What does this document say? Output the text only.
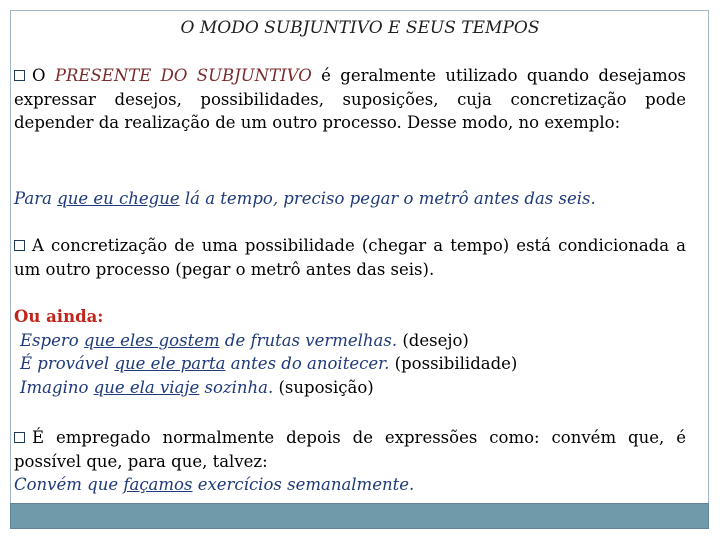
O MODO SUBJUNTIVO E SEUS TEMPOS
O PRESENTE DO SUBJUNTIVO é geralmente utilizado quando desejamos expressar desejos, possibilidades, suposições, cuja concretização pode depender da realização de um outro processo. Desse modo, no exemplo:
Para que eu chegue lá a tempo, preciso pegar o metrô antes das seis.
A concretização de uma possibilidade (chegar a tempo) está condicionada a um outro processo (pegar o metrô antes das seis).
Ou ainda:
Espero que eles gostem de frutas vermelhas. (desejo)
É provável que ele parta antes do anoitecer. (possibilidade)
Imagino que ela viaje sozinha. (suposição)
É empregado normalmente depois de expressões como: convém que, é possível que, para que, talvez:
Convém que façamos exercícios semanalmente.
